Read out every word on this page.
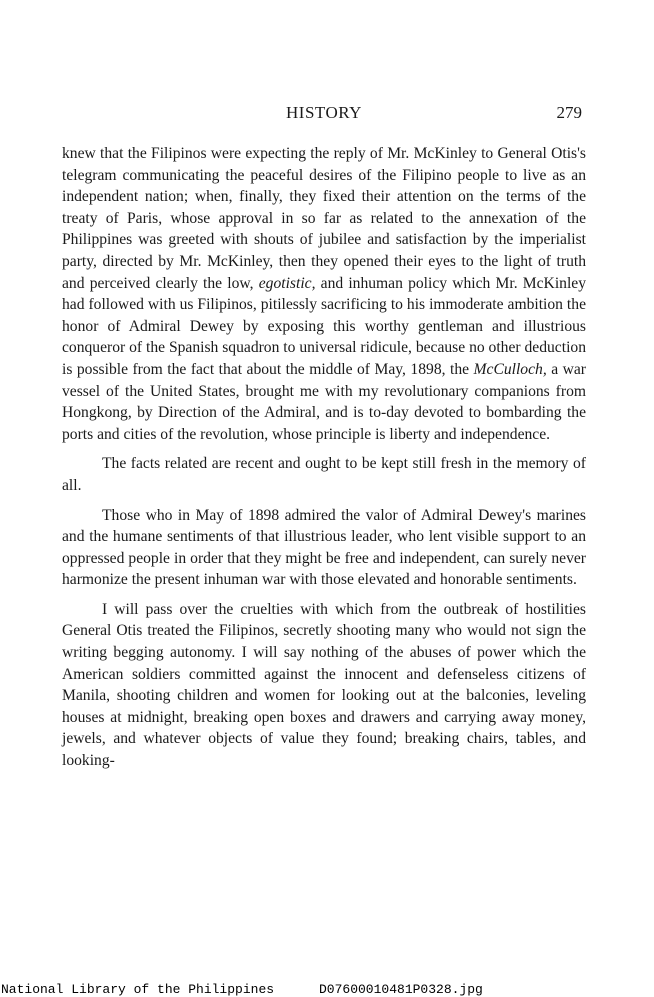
HISTORY	279

knew that the Filipinos were expecting the reply of Mr. McKinley to General Otis's telegram communicating the peaceful desires of the Filipino people to live as an independent nation; when, finally, they fixed their attention on the terms of the treaty of Paris, whose approval in so far as related to the annexation of the Philippines was greeted with shouts of jubilee and satisfaction by the imperialist party, directed by Mr. McKinley, then they opened their eyes to the light of truth and perceived clearly the low, egotistic, and inhuman policy which Mr. McKinley had followed with us Filipinos, pitilessly sacrificing to his immoderate ambition the honor of Admiral Dewey by exposing this worthy gentleman and illustrious conqueror of the Spanish squadron to universal ridicule, because no other deduction is possible from the fact that about the middle of May, 1898, the McCulloch, a war vessel of the United States, brought me with my revolutionary companions from Hongkong, by Direction of the Admiral, and is to-day devoted to bombarding the ports and cities of the revolution, whose principle is liberty and independence.

The facts related are recent and ought to be kept still fresh in the memory of all.

Those who in May of 1898 admired the valor of Admiral Dewey's marines and the humane sentiments of that illustrious leader, who lent visible support to an oppressed people in order that they might be free and independent, can surely never harmonize the present inhuman war with those elevated and honorable sentiments.

I will pass over the cruelties with which from the outbreak of hostilities General Otis treated the Filipinos, secretly shooting many who would not sign the writing begging autonomy. I will say nothing of the abuses of power which the American soldiers committed against the innocent and defenseless citizens of Manila, shooting children and women for looking out at the balconies, leveling houses at midnight, breaking open boxes and drawers and carrying away money, jewels, and whatever objects of value they found; breaking chairs, tables, and looking-

National Library of the Philippines	D07600010481P0328.jpg
